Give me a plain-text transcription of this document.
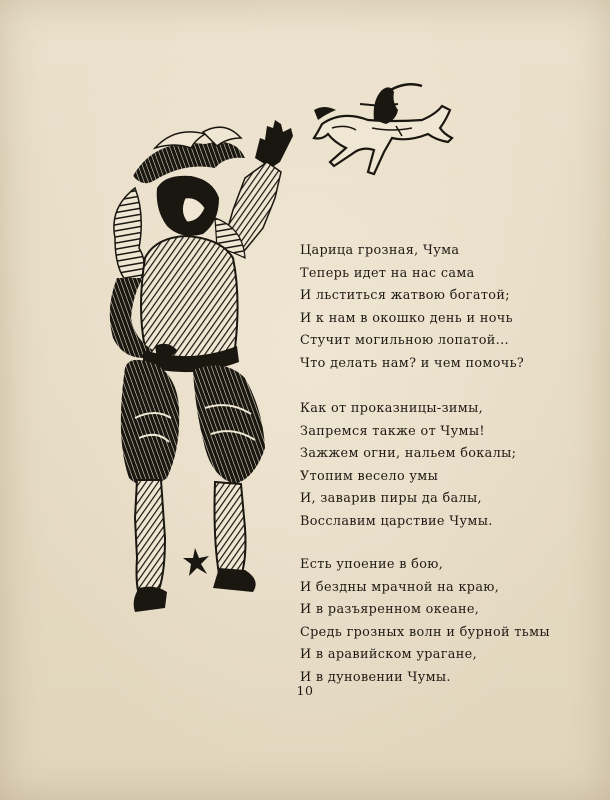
Царица грозная, Чума
Теперь идет на нас сама
И льститься жатвою богатой;
И к нам в окошко день и ночь
Стучит могильною лопатой...
Что делать нам? и чем помочь?
Как от проказницы-зимы,
Запремся также от Чумы!
Зажжем огни, нальем бокалы;
Утопим весело умы
И, заварив пиры да балы,
Восславим царствие Чумы.
Есть упоение в бою,
И бездны мрачной на краю,
И в разъяренном океане,
Средь грозных волн и бурной тьмы
И в аравийском урагане,
И в дуновении Чумы.
10
